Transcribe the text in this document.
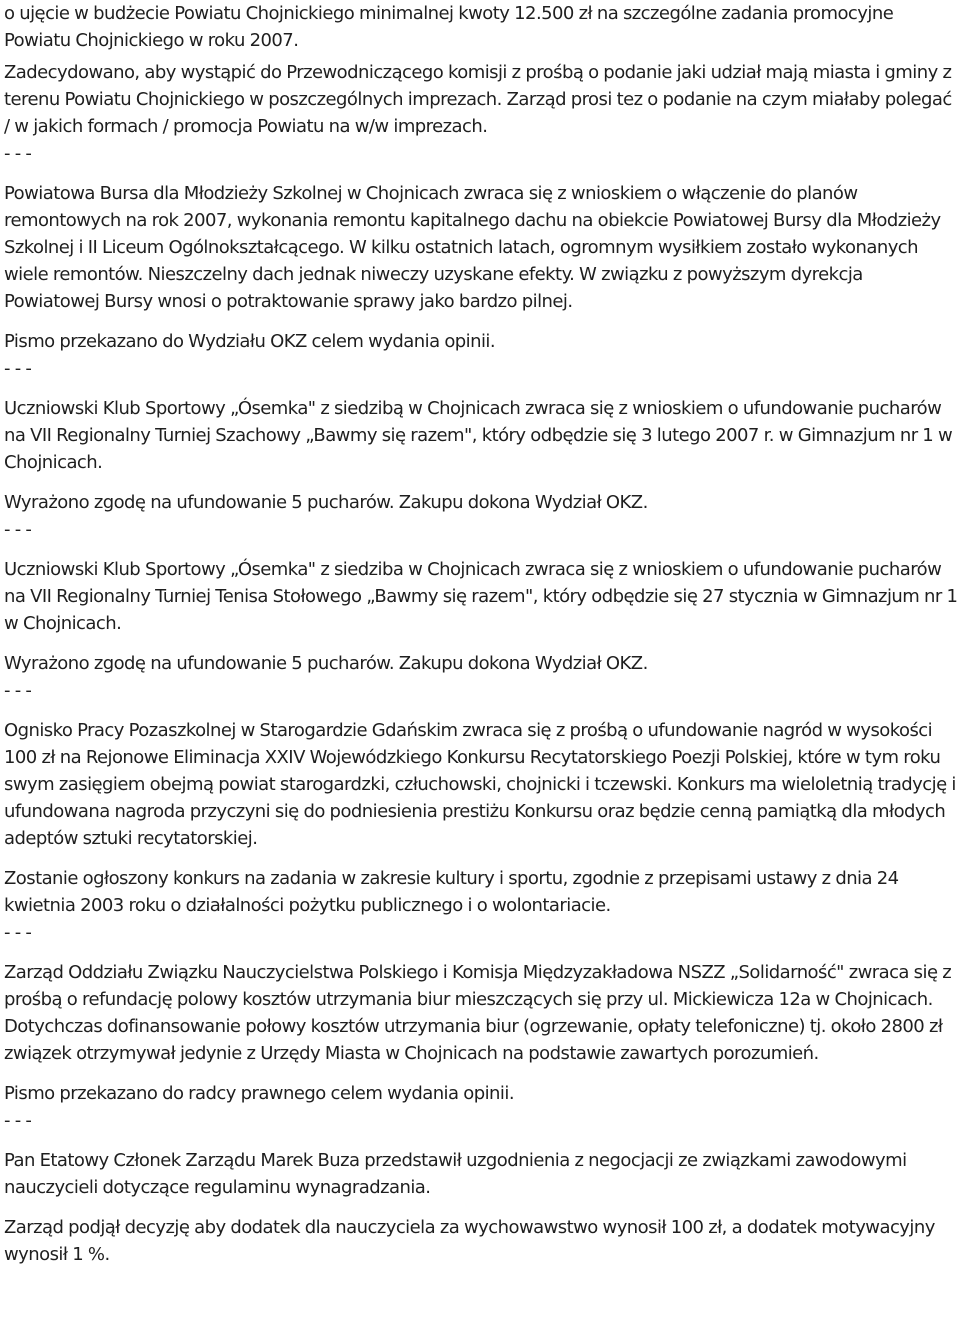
o ujęcie w budżecie Powiatu Chojnickiego minimalnej kwoty 12.500 zł na szczególne zadania promocyjne Powiatu Chojnickiego w roku 2007.

Zadecydowano, aby wystąpić do Przewodniczącego komisji z prośbą o podanie jaki udział mają miasta i gminy z terenu Powiatu Chojnickiego w poszczególnych imprezach. Zarząd prosi tez o podanie na czym miałaby polegać / w jakich formach / promocja Powiatu na w/w imprezach.

- - -

Powiatowa Bursa dla Młodzieży Szkolnej w Chojnicach zwraca się z wnioskiem o włączenie do planów remontowych na rok 2007, wykonania remontu kapitalnego dachu na obiekcie Powiatowej Bursy dla Młodzieży Szkolnej i II Liceum Ogólnokształcącego. W kilku ostatnich latach, ogromnym wysiłkiem zostało wykonanych wiele remontów. Nieszczelny dach jednak niweczy uzyskane efekty. W związku z powyższym dyrekcja Powiatowej Bursy wnosi o potraktowanie sprawy jako bardzo pilnej.

Pismo przekazano do Wydziału OKZ celem wydania opinii.

- - -

Uczniowski Klub Sportowy „Ósemka" z siedzibą w Chojnicach zwraca się z wnioskiem o ufundowanie pucharów na VII Regionalny Turniej Szachowy „Bawmy się razem", który odbędzie się 3 lutego 2007 r. w Gimnazjum nr 1 w Chojnicach.

Wyrażono zgodę na ufundowanie 5 pucharów. Zakupu dokona Wydział OKZ.

- - -

Uczniowski Klub Sportowy „Ósemka" z siedziba w Chojnicach zwraca się z wnioskiem o ufundowanie pucharów na VII Regionalny Turniej Tenisa Stołowego „Bawmy się razem", który odbędzie się 27 stycznia w Gimnazjum nr 1 w Chojnicach.

Wyrażono zgodę na ufundowanie 5 pucharów. Zakupu dokona Wydział OKZ.

- - -

Ognisko Pracy Pozaszkolnej w Starogardzie Gdańskim zwraca się z prośbą o ufundowanie nagród w wysokości 100 zł na Rejonowe Eliminacja XXIV Wojewódzkiego Konkursu Recytatorskiego Poezji Polskiej, które w tym roku swym zasięgiem obejmą powiat starogardzki, człuchowski, chojnicki i tczewski. Konkurs ma wieloletnią tradycję i ufundowana nagroda przyczyni się do podniesienia prestiżu Konkursu oraz będzie cenną pamiątką dla młodych adeptów sztuki recytatorskiej.

Zostanie ogłoszony konkurs na zadania w zakresie kultury i sportu, zgodnie z przepisami ustawy z dnia 24 kwietnia 2003 roku o działalności pożytku publicznego i o wolontariacie.

- - -

Zarząd Oddziału Związku Nauczycielstwa Polskiego i Komisja Międzyzakładowa NSZZ „Solidarność" zwraca się z prośbą o refundację polowy kosztów utrzymania biur mieszczących się przy ul. Mickiewicza 12a w Chojnicach. Dotychczas dofinansowanie połowy kosztów utrzymania biur (ogrzewanie, opłaty telefoniczne) tj. około 2800 zł związek otrzymywał jedynie z Urzędy Miasta w Chojnicach na podstawie zawartych porozumień.

Pismo przekazano do radcy prawnego celem wydania opinii.

- - -

Pan Etatowy Członek Zarządu Marek Buza przedstawił uzgodnienia z negocjacji ze związkami zawodowymi nauczycieli dotyczące regulaminu wynagradzania.

Zarząd podjął decyzję aby dodatek dla nauczyciela za wychowawstwo wynosił 100 zł, a dodatek motywacyjny wynosił 1 %.
